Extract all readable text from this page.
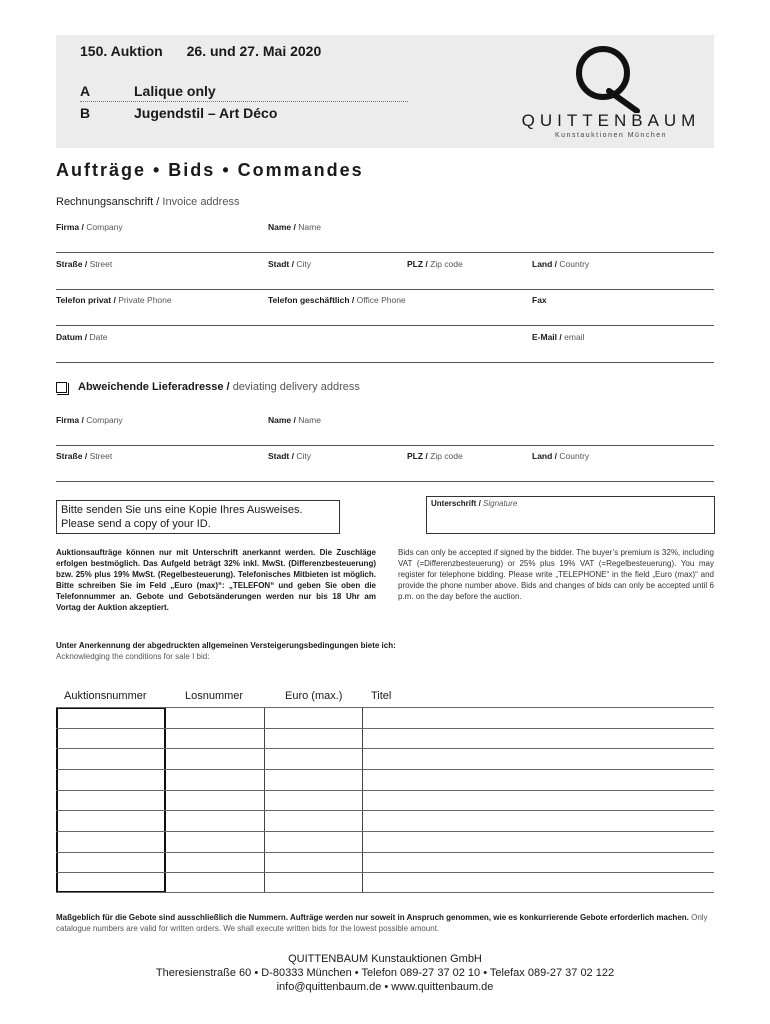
150. Auktion 26. und 27. Mai 2020
A	Lalique only
B	Jugendstil – Art Déco	QUITTENBAUM
Kunstauktionen München
Aufträge • Bids • Commandes
Rechnungsanschrift / Invoice address
Firma / Company	Name / Name
Straße / Street	Stadt / City	PLZ / Zip code	Land / Country
Telefon privat / Private Phone	Telefon geschäftlich / Office Phone	Fax
Datum / Date	E-Mail / email
Abweichende Lieferadresse / deviating delivery address
Firma / Company	Name / Name
Straße / Street	Stadt / City	PLZ / Zip code	Land / Country
Bitte senden Sie uns eine Kopie Ihres Ausweises.
Please send a copy of your ID.
Unterschrift / Signature
Auktionsaufträge können nur mit Unterschrift anerkannt werden. Die Zuschläge erfolgen bestmöglich. Das Aufgeld beträgt 32% inkl. MwSt. (Differenzbesteuerung) bzw. 25% plus 19% MwSt. (Regelbesteuerung). Telefonisches Mitbieten ist möglich. Bitte schreiben Sie im Feld „Euro (max)“: „TELEFON“ und geben Sie oben die Telefonnummer an. Gebote und Gebotsänderungen werden nur bis 18 Uhr am Vortag der Auktion akzeptiert.
Bids can only be accepted if signed by the bidder. The buyer’s premium is 32%, including VAT (=Differenzbesteuerung) or 25% plus 19% VAT (=Regelbesteuerung). You may register for telephone bidding. Please write „TELEPHONE“ in the field „Euro (max)“ and provide the phone number above. Bids and changes of bids can only be accepted until 6 p.m. on the day before the auction.
Unter Anerkennung der abgedruckten allgemeinen Versteigerungsbedingungen biete ich:
Acknowledging the conditions for sale I bid:
Auktionsnummer	Losnummer	Euro (max.)	Titel
Maßgeblich für die Gebote sind ausschließlich die Nummern. Aufträge werden nur soweit in Anspruch genommen, wie es konkurrierende Gebote erforderlich machen. Only catalogue numbers are valid for written orders. We shall execute written bids for the lowest possible amount.
QUITTENBAUM Kunstauktionen GmbH
Theresienstraße 60 • D-80333 München • Telefon 089-27 37 02 10 • Telefax 089-27 37 02 122
info@quittenbaum.de • www.quittenbaum.de
